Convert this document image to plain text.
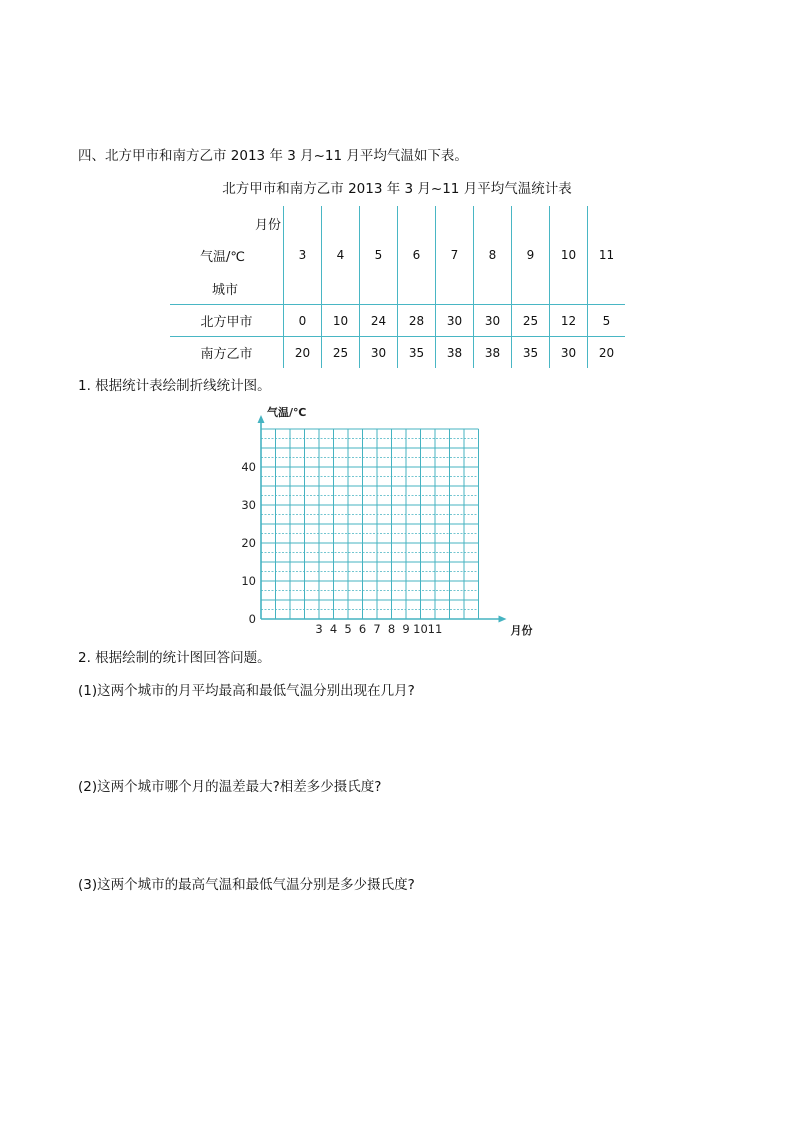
四、北方甲市和南方乙市 2013 年 3 月~11 月平均气温如下表。
北方甲市和南方乙市 2013 年 3 月~11 月平均气温统计表
月份
气温/℃
城市	3	4	5	6	7	8	9	10	11
北方甲市	0	10	24	28	30	30	25	12	5
南方乙市	20	25	30	35	38	38	35	30	20
1. 根据统计表绘制折线统计图。
0
10
20
30
40
3 4 5 6 7 8 9 10 11
气温/℃
月份
2. 根据绘制的统计图回答问题。
(1)这两个城市的月平均最高和最低气温分别出现在几月?
(2)这两个城市哪个月的温差最大?相差多少摄氏度?
(3)这两个城市的最高气温和最低气温分别是多少摄氏度?
